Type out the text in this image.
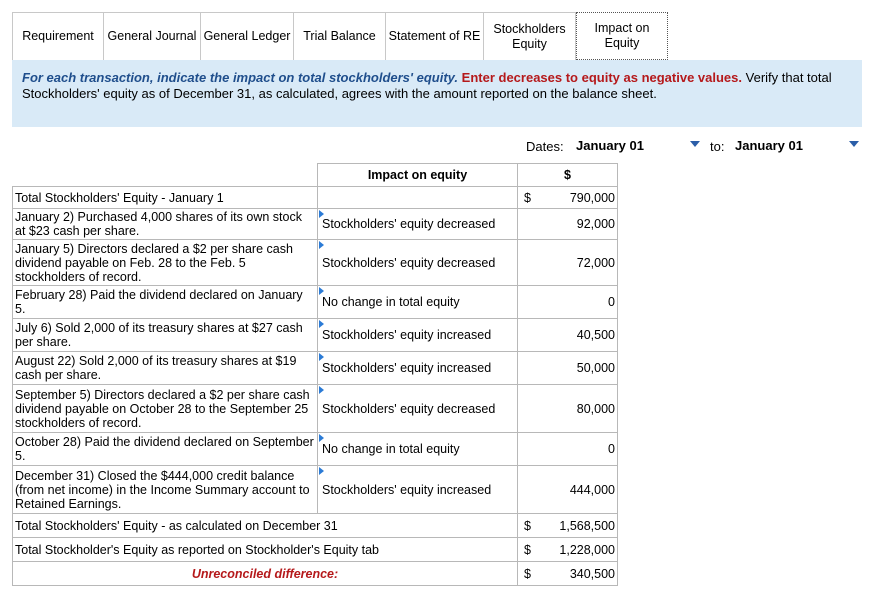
Requirement	General Journal General Ledger	Trial Balance	Statement of RE
Stockholders Equity
Impact on Equity
For each transaction, indicate the impact on total stockholders' equity. Enter decreases to equity as negative values. Verify that total Stockholders' equity as of December 31, as calculated, agrees with the amount reported on the balance sheet.
Dates: January 01	to: January 01
	Impact on equity	$	
Total Stockholders' Equity - January 1		$	790,000
January 2) Purchased 4,000 shares of its own stock at $23 cash per share.	Stockholders' equity decreased	92,000	
January 5) Directors declared a $2 per share cash dividend payable on Feb. 28 to the Feb. 5 stockholders of record.	Stockholders' equity decreased	72,000	
February 28) Paid the dividend declared on January 5.	No change in total equity	0	
July 6) Sold 2,000 of its treasury shares at $27 cash per share.	Stockholders' equity increased	40,500	
August 22) Sold 2,000 of its treasury shares at $19 cash per share.	Stockholders' equity increased	50,000	
September 5) Directors declared a $2 per share cash dividend payable on October 28 to the September 25 stockholders of record.	Stockholders' equity decreased	80,000	
October 28) Paid the dividend declared on September 5.	No change in total equity	0	
December 31) Closed the $444,000 credit balance (from net income) in the Income Summary account to Retained Earnings.	Stockholders' equity increased	444,000	
Total Stockholders' Equity - as calculated on December 31		$	1,568,500
Total Stockholder's Equity as reported on Stockholder's Equity tab		$	1,228,000
Unreconciled difference:		$	340,500
